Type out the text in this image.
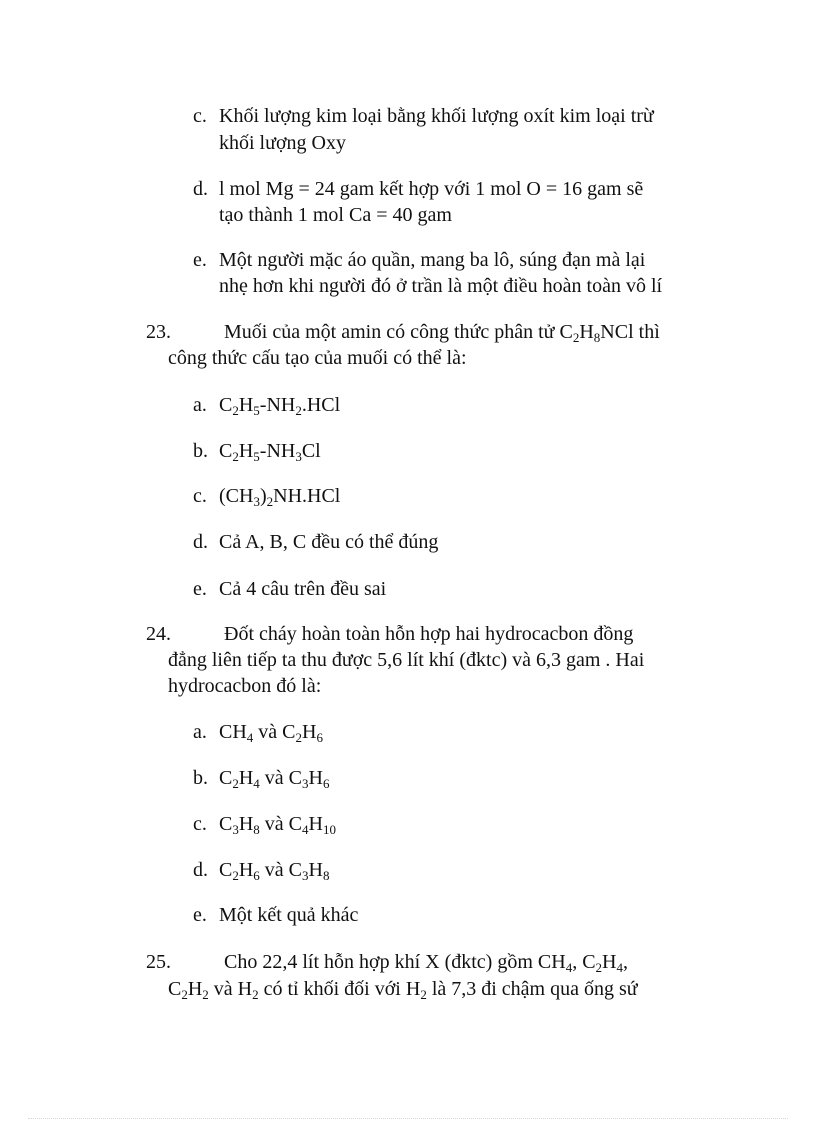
c. Khối lượng kim loại bằng khối lượng oxít kim loại trừ
khối lượng Oxy
d. l mol Mg = 24 gam kết hợp với 1 mol O = 16 gam sẽ
tạo thành 1 mol Ca = 40 gam
e. Một người mặc áo quần, mang ba lô, súng đạn mà lại
nhẹ hơn khi người đó ở trần là một điều hoàn toàn vô lí
23.	Muối của một amin có công thức phân tử $C_2H_8NCl$ thì
công thức cấu tạo của muối có thể là:
a. $C_2H_5-NH_2.HCl$
b. $C_2H_5-NH_3Cl$
c. $(CH_3)_2NH.HCl$
d. Cả A, B, C đều có thể đúng
e. Cả 4 câu trên đều sai
24.	Đốt cháy hoàn toàn hỗn hợp hai hydrocacbon đồng
đẳng liên tiếp ta thu được 5,6 lít khí (đktc) và 6,3 gam . Hai
hydrocacbon đó là:
a. $CH_4$ và $C_2H_6$
b. $C_2H_4$ và $C_3H_6$
c. $C_3H_8$ và $C_4H_{10}$
d. $C_2H_6$ và $C_3H_8$
e. Một kết quả khác
25.	Cho 22,4 lít hỗn hợp khí X (đktc) gồm $CH_4$, $C_2H_4$,
$C_2H_2$ và $H_2$ có tỉ khối đối với $H_2$ là 7,3 đi chậm qua ống sứ
